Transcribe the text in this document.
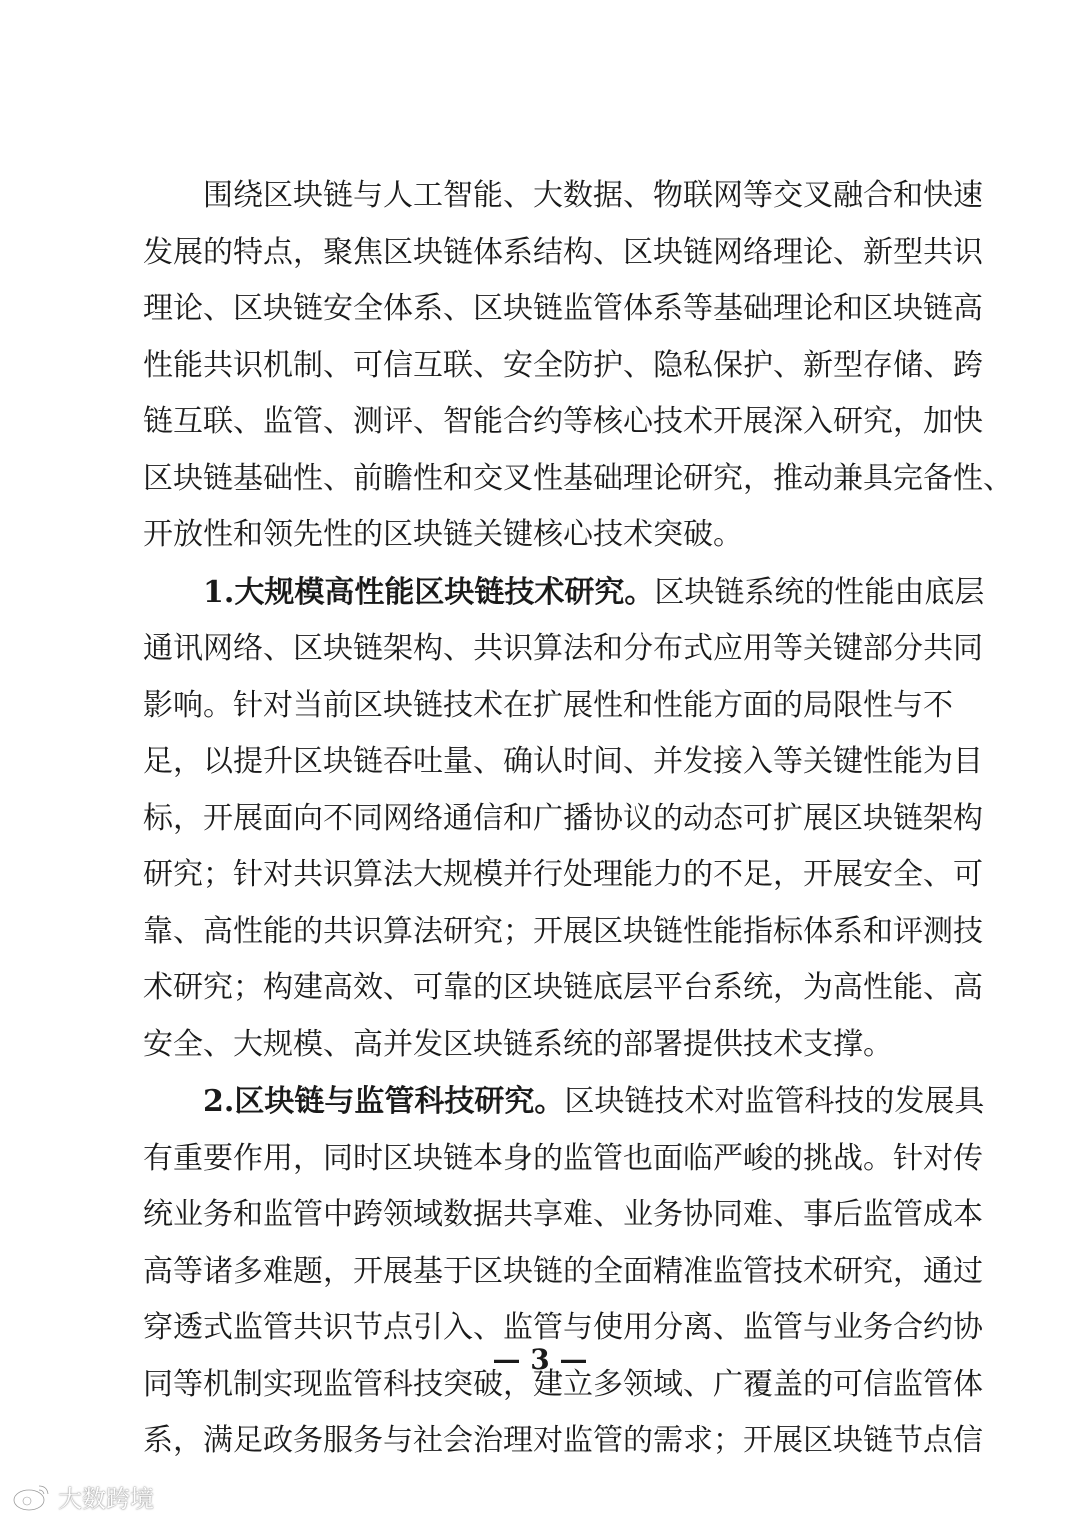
围绕区块链与人工智能、大数据、物联网等交叉融合和快速
发展的特点，聚焦区块链体系结构、区块链网络理论、新型共识
理论、区块链安全体系、区块链监管体系等基础理论和区块链高
性能共识机制、可信互联、安全防护、隐私保护、新型存储、跨
链互联、监管、测评、智能合约等核心技术开展深入研究，加快
区块链基础性、前瞻性和交叉性基础理论研究，推动兼具完备性、
开放性和领先性的区块链关键核心技术突破。
1.大规模高性能区块链技术研究。区块链系统的性能由底层
通讯网络、区块链架构、共识算法和分布式应用等关键部分共同
影响。针对当前区块链技术在扩展性和性能方面的局限性与不
足，以提升区块链吞吐量、确认时间、并发接入等关键性能为目
标，开展面向不同网络通信和广播协议的动态可扩展区块链架构
研究；针对共识算法大规模并行处理能力的不足，开展安全、可
靠、高性能的共识算法研究；开展区块链性能指标体系和评测技
术研究；构建高效、可靠的区块链底层平台系统，为高性能、高
安全、大规模、高并发区块链系统的部署提供技术支撑。
2.区块链与监管科技研究。区块链技术对监管科技的发展具
有重要作用，同时区块链本身的监管也面临严峻的挑战。针对传
统业务和监管中跨领域数据共享难、业务协同难、事后监管成本
高等诸多难题，开展基于区块链的全面精准监管技术研究，通过
穿透式监管共识节点引入、监管与使用分离、监管与业务合约协
同等机制实现监管科技突破，建立多领域、广覆盖的可信监管体
系，满足政务服务与社会治理对监管的需求；开展区块链节点信
— 3 —
大数跨境
